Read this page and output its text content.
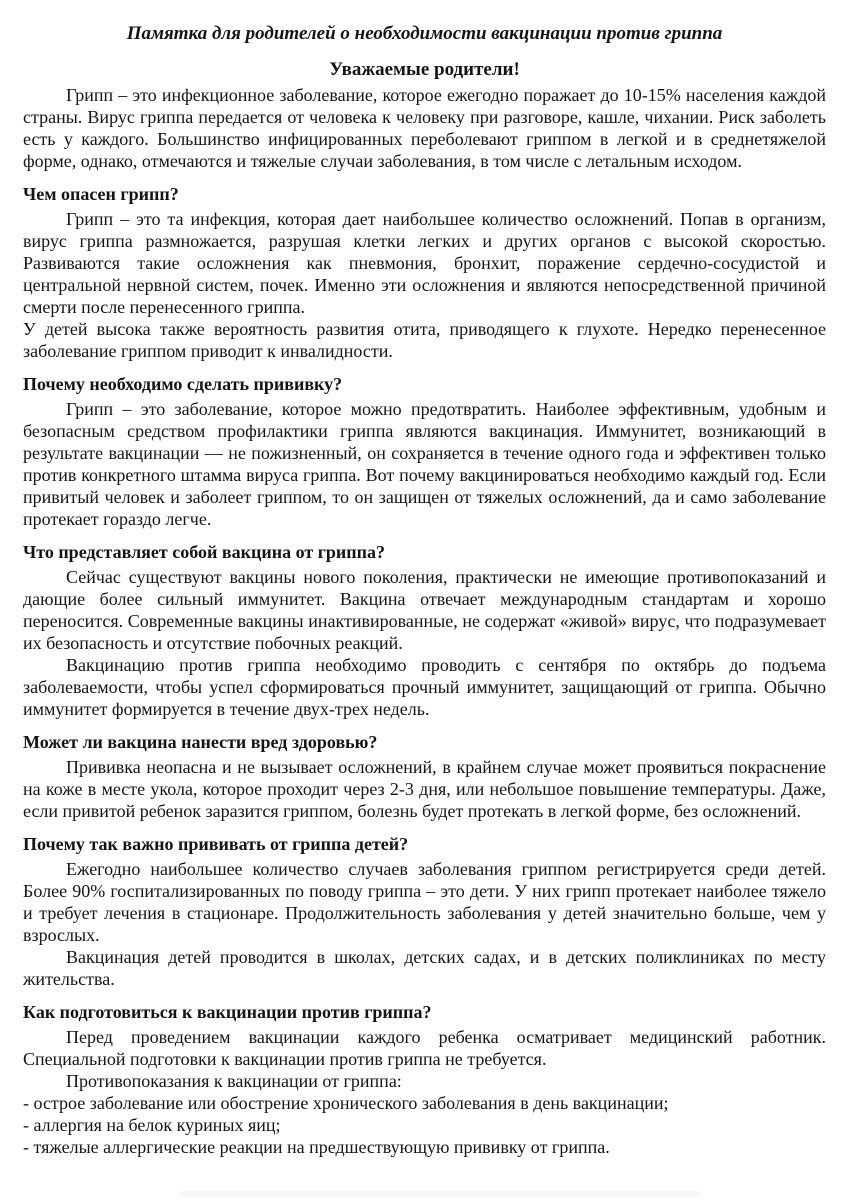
Памятка для родителей о необходимости вакцинации против гриппа
Уважаемые родители!

Грипп – это инфекционное заболевание, которое ежегодно поражает до 10-15% населения каждой страны. Вирус гриппа передается от человека к человеку при разговоре, кашле, чихании. Риск заболеть есть у каждого. Большинство инфицированных переболевают гриппом в легкой и в среднетяжелой форме, однако, отмечаются и тяжелые случаи заболевания, в том числе с летальным исходом.

Чем опасен грипп?

Грипп – это та инфекция, которая дает наибольшее количество осложнений. Попав в организм, вирус гриппа размножается, разрушая клетки легких и других органов с высокой скоростью. Развиваются такие осложнения как пневмония, бронхит, поражение сердечно-сосудистой и центральной нервной систем, почек. Именно эти осложнения и являются непосредственной причиной смерти после перенесенного гриппа.

У детей высока также вероятность развития отита, приводящего к глухоте. Нередко перенесенное заболевание гриппом приводит к инвалидности.

Почему необходимо сделать прививку?

Грипп – это заболевание, которое можно предотвратить. Наиболее эффективным, удобным и безопасным средством профилактики гриппа являются вакцинация. Иммунитет, возникающий в результате вакцинации — не пожизненный, он сохраняется в течение одного года и эффективен только против конкретного штамма вируса гриппа. Вот почему вакцинироваться необходимо каждый год. Если привитый человек и заболеет гриппом, то он защищен от тяжелых осложнений, да и само заболевание протекает гораздо легче.

Что представляет собой вакцина от гриппа?

Сейчас существуют вакцины нового поколения, практически не имеющие противопоказаний и дающие более сильный иммунитет. Вакцина отвечает международным стандартам и хорошо переносится. Современные вакцины инактивированные, не содержат «живой» вирус, что подразумевает их безопасность и отсутствие побочных реакций.

Вакцинацию против гриппа необходимо проводить с сентября по октябрь до подъема заболеваемости, чтобы успел сформироваться прочный иммунитет, защищающий от гриппа. Обычно иммунитет формируется в течение двух-трех недель.

Может ли вакцина нанести вред здоровью?

Прививка неопасна и не вызывает осложнений, в крайнем случае может проявиться покраснение на коже в месте укола, которое проходит через 2-3 дня, или небольшое повышение температуры. Даже, если привитой ребенок заразится гриппом, болезнь будет протекать в легкой форме, без осложнений.

Почему так важно прививать от гриппа детей?

Ежегодно наибольшее количество случаев заболевания гриппом регистрируется среди детей. Более 90% госпитализированных по поводу гриппа – это дети. У них грипп протекает наиболее тяжело и требует лечения в стационаре. Продолжительность заболевания у детей значительно больше, чем у взрослых.

Вакцинация детей проводится в школах, детских садах, и в детских поликлиниках по месту жительства.

Как подготовиться к вакцинации против гриппа?

Перед проведением вакцинации каждого ребенка осматривает медицинский работник. Специальной подготовки к вакцинации против гриппа не требуется.

Противопоказания к вакцинации от гриппа:

- острое заболевание или обострение хронического заболевания в день вакцинации;

- аллергия на белок куриных яиц;

- тяжелые аллергические реакции на предшествующую прививку от гриппа.
